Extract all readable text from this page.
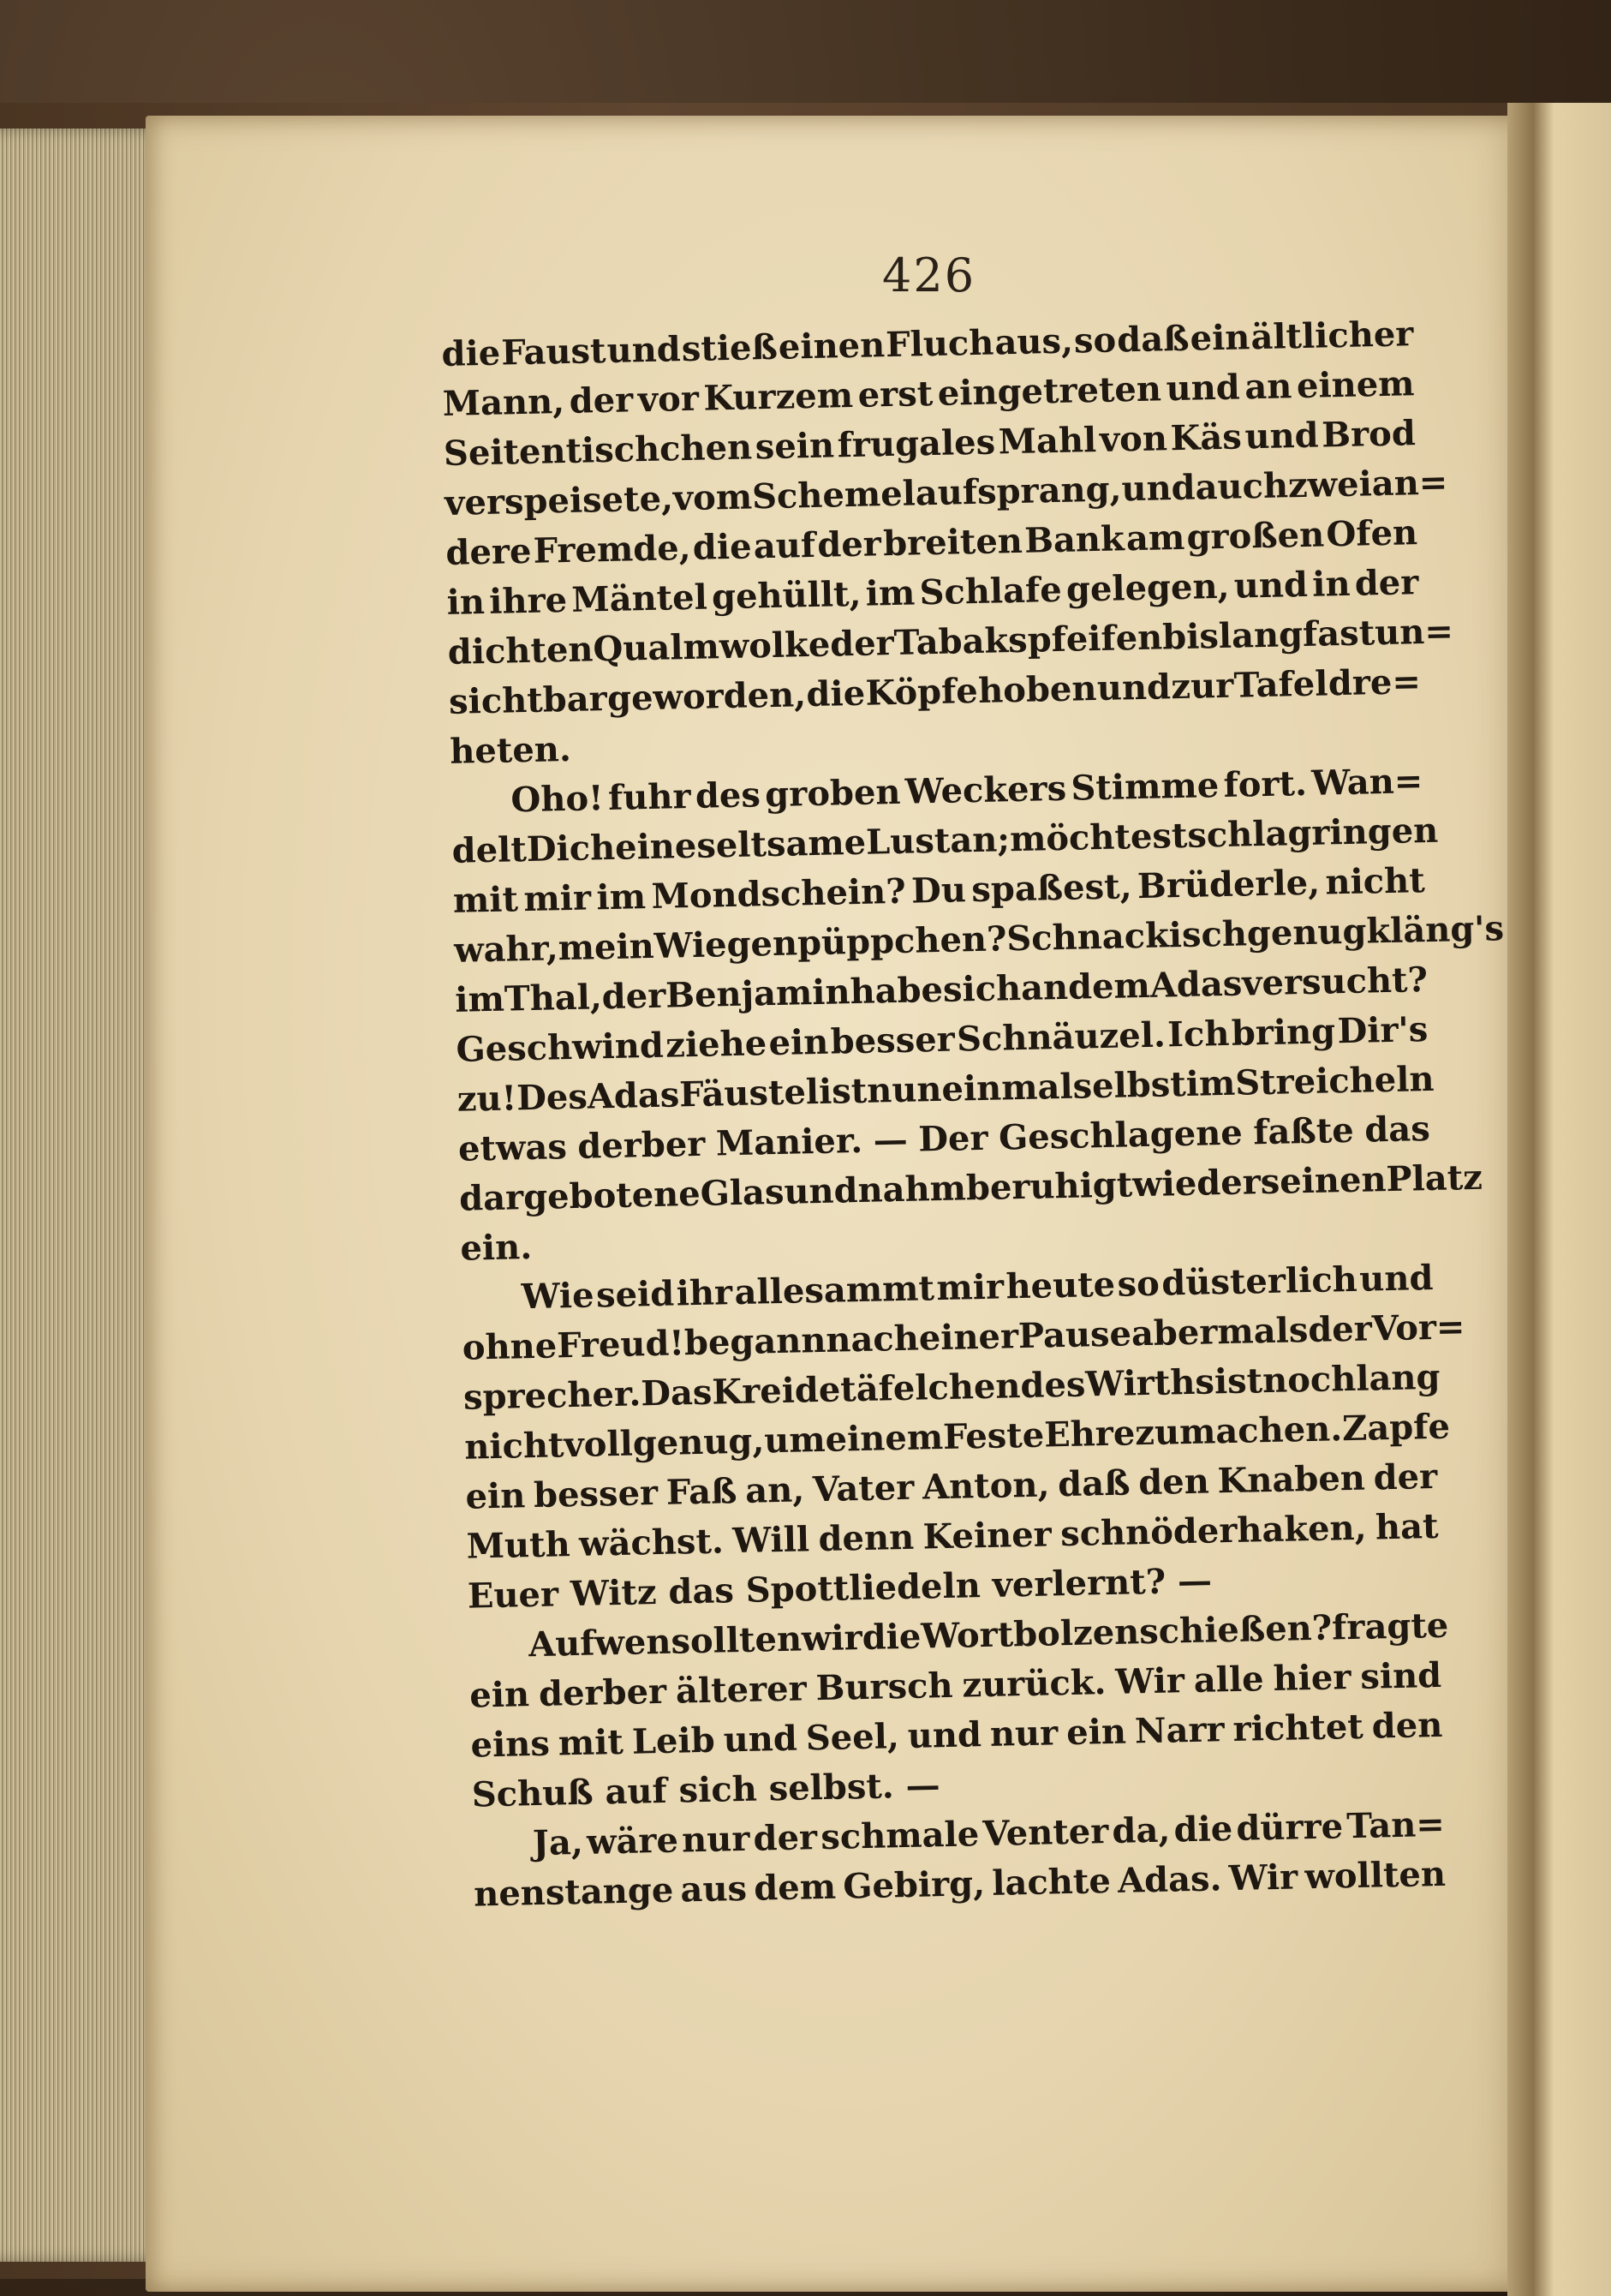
426
die Faust und stieß einen Fluch aus, so daß ein ältlicher
Mann, der vor Kurzem erst eingetreten und an einem
Seitentischchen sein frugales Mahl von Käs und Brod
verspeisete, vom Schemel aufsprang, und auch zwei an=
dere Fremde, die auf der breiten Bank am großen Ofen
in ihre Mäntel gehüllt, im Schlafe gelegen, und in der
dichten Qualmwolke der Tabakspfeifen bislang fast un=
sichtbar geworden, die Köpfe hoben und zur Tafel dre=
heten.
Oho! fuhr des groben Weckers Stimme fort. Wan=
delt Dich eine seltsame Lust an; möchtest schlagringen
mit mir im Mondschein? Du spaßest, Brüderle, nicht
wahr, mein Wiegenpüppchen? Schnackisch genug kläng's
im Thal, der Benjamin habe sich an dem Adas versucht?
Geschwind ziehe ein besser Schnäuzel. Ich bring Dir's
zu! Des Adas Fäustel ist nun einmal selbst im Streicheln
etwas derber Manier. — Der Geschlagene faßte das
dargebotene Glas und nahm beruhigt wieder seinen Platz
ein.
Wie seid ihr allesammt mir heute so düsterlich und
ohne Freud! begann nach einer Pause abermals der Vor=
sprecher. Das Kreidetäfelchen des Wirths ist noch lang
nicht voll genug, um einem Feste Ehre zu machen. Zapfe
ein besser Faß an, Vater Anton, daß den Knaben der
Muth wächst. Will denn Keiner schnöderhaken, hat
Euer Witz das Spottliedeln verlernt? —
Auf wen sollten wir die Wortbolzen schießen? fragte
ein derber älterer Bursch zurück. Wir alle hier sind
eins mit Leib und Seel, und nur ein Narr richtet den
Schuß auf sich selbst. —
Ja, wäre nur der schmale Venter da, die dürre Tan=
nenstange aus dem Gebirg, lachte Adas. Wir wollten
